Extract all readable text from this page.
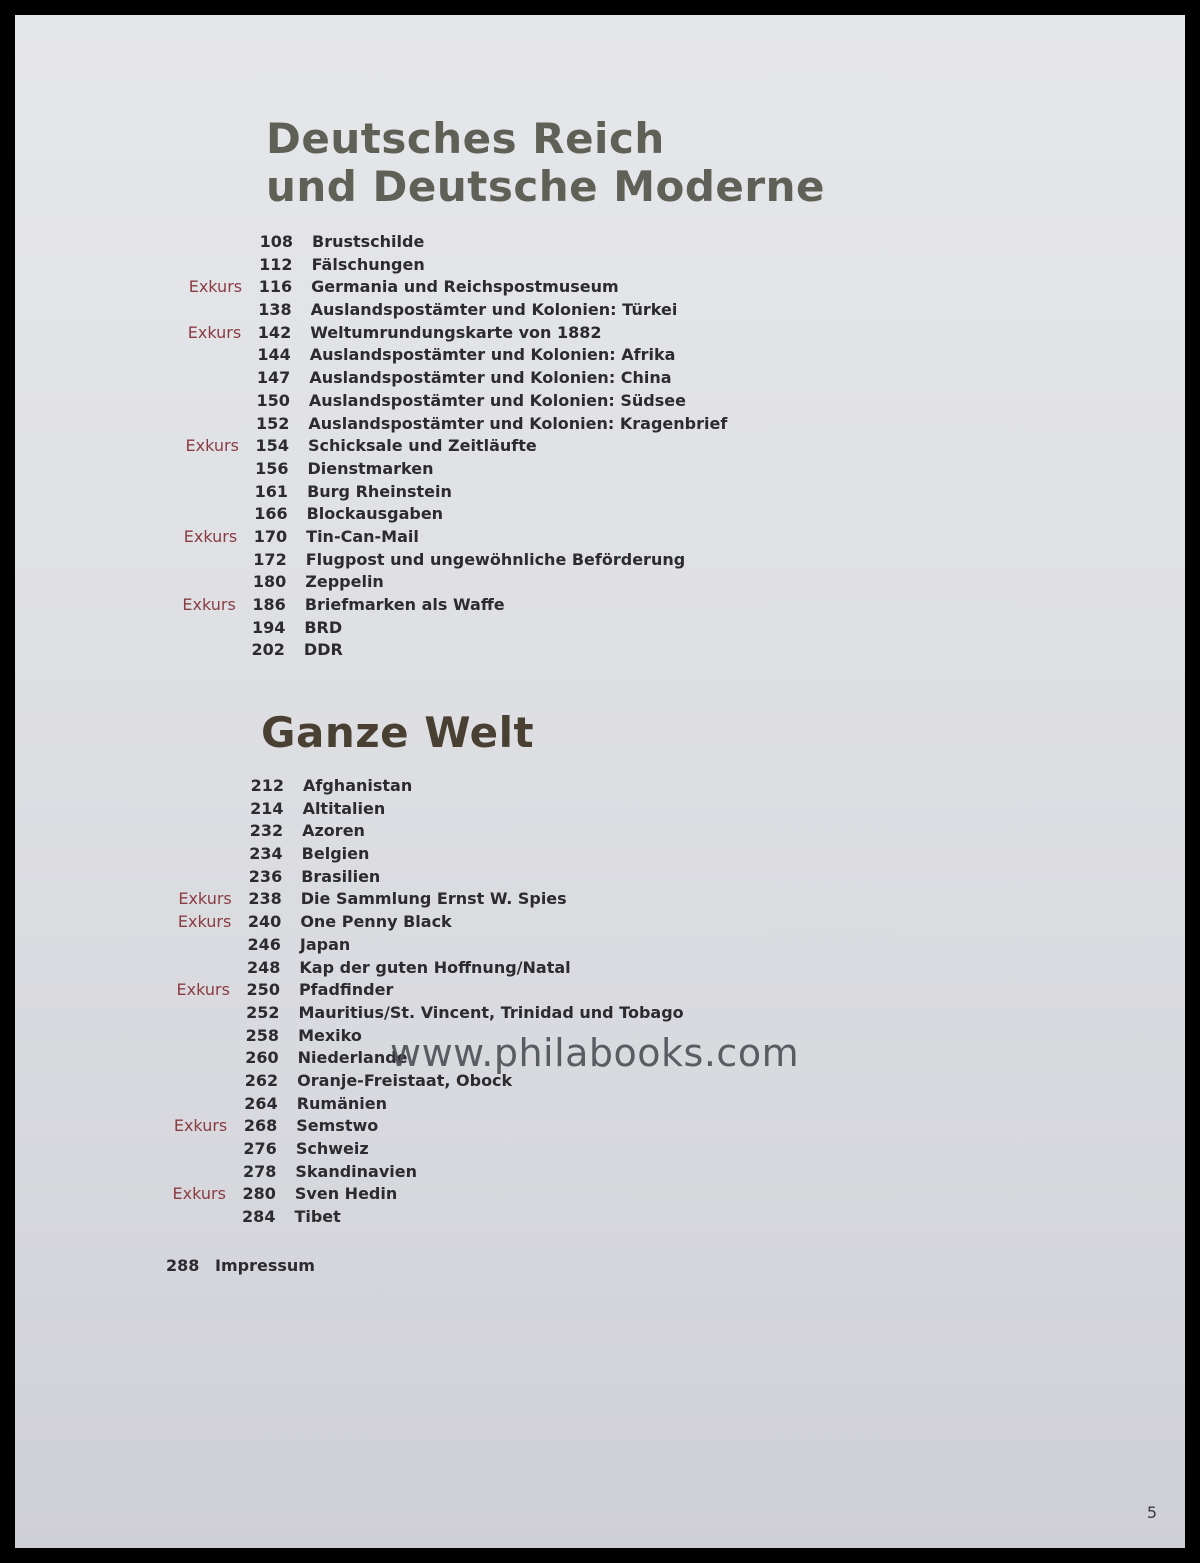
Deutsches Reich
und Deutsche Moderne
108 Brustschilde
112 Fälschungen
Exkurs	116 Germania und Reichspostmuseum
138 Auslandspostämter und Kolonien: Türkei
Exkurs	142 Weltumrundungskarte von 1882
144 Auslandspostämter und Kolonien: Afrika
147 Auslandspostämter und Kolonien: China
150 Auslandspostämter und Kolonien: Südsee
152 Auslandspostämter und Kolonien: Kragenbrief
Exkurs	154 Schicksale und Zeitläufte
156 Dienstmarken
161 Burg Rheinstein
166 Blockausgaben
Exkurs	170 Tin-Can-Mail
172 Flugpost und ungewöhnliche Beförderung
180 Zeppelin
Exkurs	186 Briefmarken als Waffe
194 BRD
202 DDR
Ganze Welt
212 Afghanistan
214 Altitalien
232 Azoren
234 Belgien
236 Brasilien
Exkurs	238 Die Sammlung Ernst W. Spies
Exkurs	240 One Penny Black
246 Japan
248 Kap der guten Hoffnung/Natal
Exkurs	250 Pfadfinder
252 Mauritius/St. Vincent, Trinidad und Tobago
258 Mexiko
260 Niederlande
262 Oranje-Freistaat, Obock
264 Rumänien
Exkurs	268 Semstwo
276 Schweiz
278 Skandinavien
Exkurs	280 Sven Hedin
284 Tibet
288 Impressum
www.philabooks.com
5
